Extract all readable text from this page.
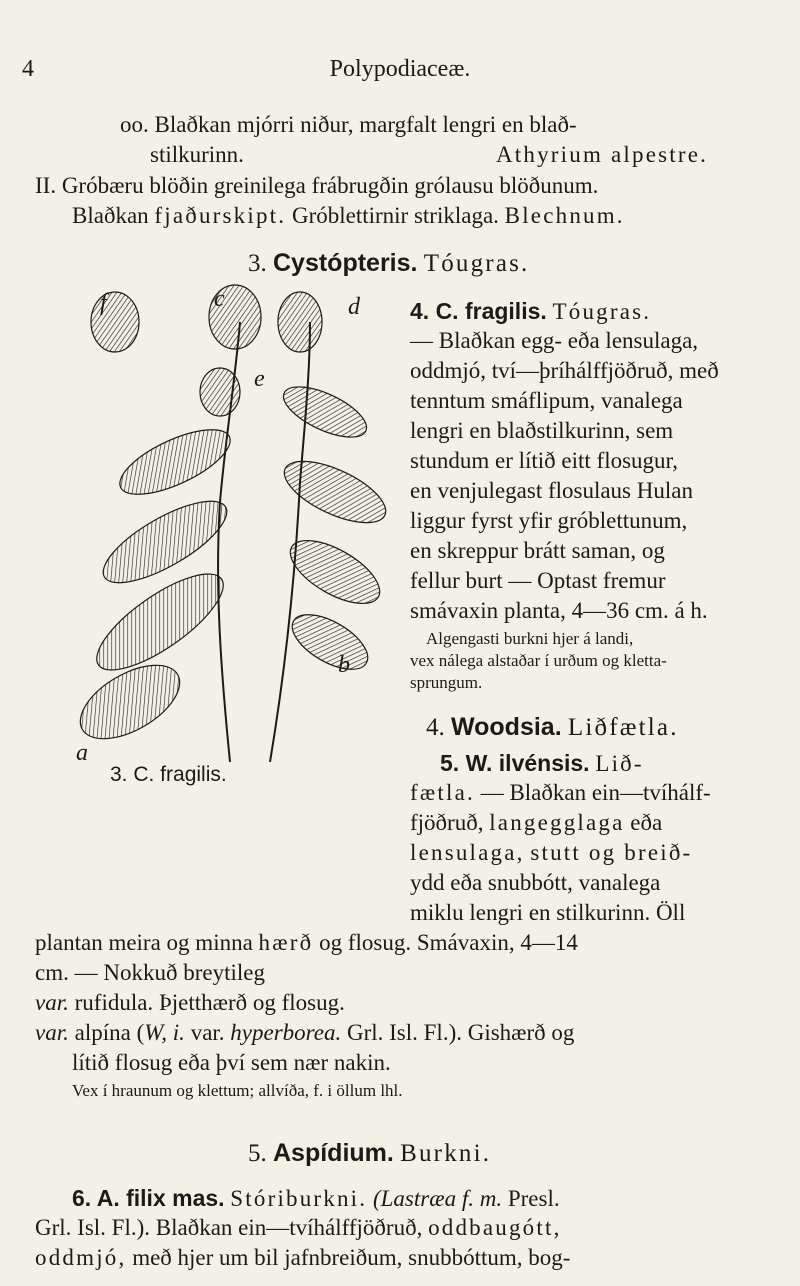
4	Polypodiaceæ.
oo. Blaðkan mjórri niður, margfalt lengri en blað-
stilkurinn.	Athyrium alpestre.
II. Gróbæru blöðin greinilega frábrugðin grólausu blöðunum.
Blaðkan fjaðurskipt. Gróblettirnir striklaga. Blechnum.
3. Cystópteris. Tóugras.
4. C. fragilis. Tóugras.
— Blaðkan egg- eða lensulaga,
oddmjó, tví—þríhálffjöðruð, með
tenntum smáflipum, vanalega
lengri en blaðstilkurinn, sem
stundum er lítið eitt flosugur,
en venjulegast flosulaus Hulan
liggur fyrst yfir gróblettunum,
en skreppur brátt saman, og
fellur burt — Optast fremur
smávaxin planta, 4—36 cm. á h.
Algengasti burkni hjer á landi,
vex nálega alstaðar í urðum og kletta-
sprungum.
4. Woodsia. Liðfætla.
5. W. ilvénsis. Lið-
fætla. — Blaðkan ein—tvíhálf-
fjöðruð, langegglaga eða
lensulaga, stutt og breið-
ydd eða snubbótt, vanalega
miklu lengri en stilkurinn. Öll
plantan meira og minna hærð og flosug. Smávaxin, 4—14
cm. — Nokkuð breytileg
var. rufidula. Þjetthærð og flosug.
var. alpína (W, i. var. hyperborea. Grl. Isl. Fl.). Gishærð og
lítið flosug eða því sem nær nakin.
Vex í hraunum og klettum; allvíða, f. i öllum lhl.
5. Aspídium. Burkni.
6. A. filix mas. Stóriburkni. (Lastræa f. m. Presl.
Grl. Isl. Fl.). Blaðkan ein—tvíhálffjöðruð, oddbaugótt,
oddmjó, með hjer um bil jafnbreiðum, snubbóttum, bog-
f	c	d
e
a
b
3. C. fragilis.
